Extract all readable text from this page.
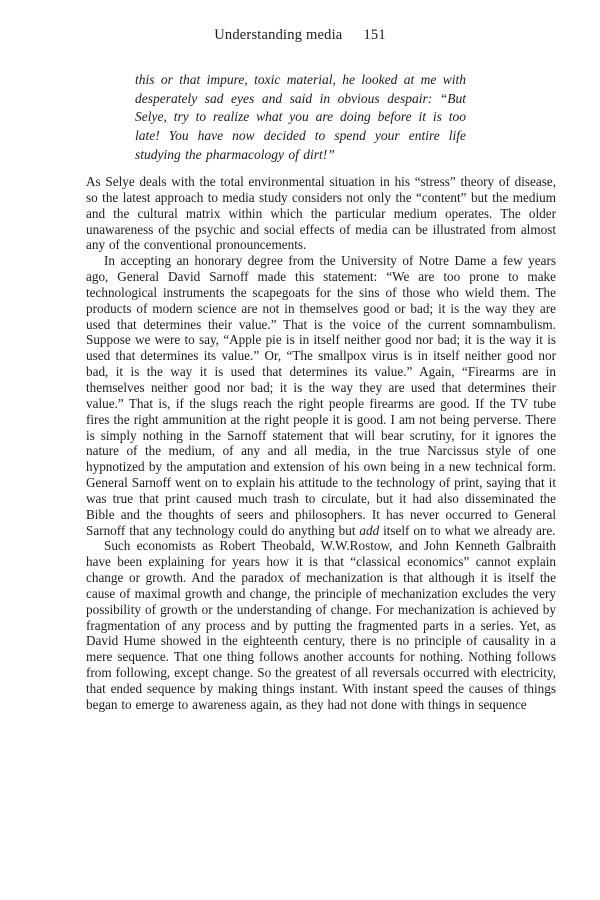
Understanding media 151
this or that impure, toxic material, he looked at me with desperately sad eyes and said in obvious despair: “But Selye, try to realize what you are doing before it is too late! You have now decided to spend your entire life studying the pharmacology of dirt!”

As Selye deals with the total environmental situation in his “stress” theory of disease, so the latest approach to media study considers not only the “content” but the medium and the cultural matrix within which the particular medium operates. The older unawareness of the psychic and social effects of media can be illustrated from almost any of the conventional pronouncements.

In accepting an honorary degree from the University of Notre Dame a few years ago, General David Sarnoff made this statement: “We are too prone to make technological instruments the scapegoats for the sins of those who wield them. The products of modern science are not in themselves good or bad; it is the way they are used that determines their value.” That is the voice of the current somnambulism. Suppose we were to say, “Apple pie is in itself neither good nor bad; it is the way it is used that determines its value.” Or, “The smallpox virus is in itself neither good nor bad, it is the way it is used that determines its value.” Again, “Firearms are in themselves neither good nor bad; it is the way they are used that determines their value.” That is, if the slugs reach the right people firearms are good. If the TV tube fires the right ammunition at the right people it is good. I am not being perverse. There is simply nothing in the Sarnoff statement that will bear scrutiny, for it ignores the nature of the medium, of any and all media, in the true Narcissus style of one hypnotized by the amputation and extension of his own being in a new technical form. General Sarnoff went on to explain his attitude to the technology of print, saying that it was true that print caused much trash to circulate, but it had also disseminated the Bible and the thoughts of seers and philosophers. It has never occurred to General Sarnoff that any technology could do anything but add itself on to what we already are.

Such economists as Robert Theobald, W.W.Rostow, and John Kenneth Galbraith have been explaining for years how it is that “classical economics” cannot explain change or growth. And the paradox of mechanization is that although it is itself the cause of maximal growth and change, the principle of mechanization excludes the very possibility of growth or the understanding of change. For mechanization is achieved by fragmentation of any process and by putting the fragmented parts in a series. Yet, as David Hume showed in the eighteenth century, there is no principle of causality in a mere sequence. That one thing follows another accounts for nothing. Nothing follows from following, except change. So the greatest of all reversals occurred with electricity, that ended sequence by making things instant. With instant speed the causes of things began to emerge to awareness again, as they had not done with things in sequence
